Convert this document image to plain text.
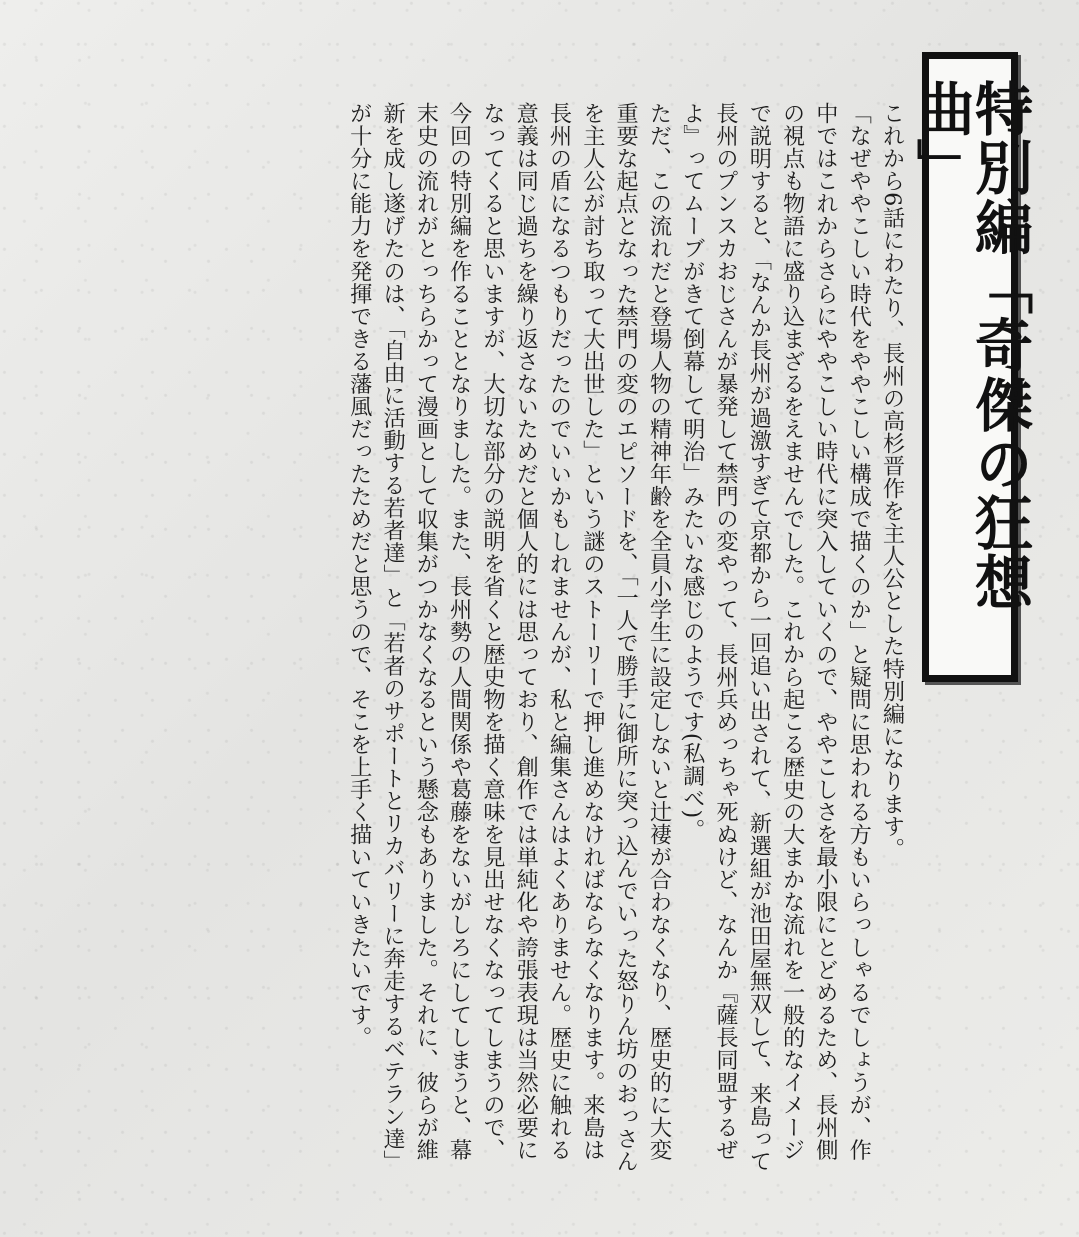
特別編「奇傑の狂想曲」

これから6話にわたり、長州の高杉晋作を主人公とした特別編になります。

「なぜややこしい時代をややこしい構成で描くのか」と疑問に思われる方もいらっしゃるでしょうが、作中ではこれからさらにややこしい時代に突入していくので、ややこしさを最小限にとどめるため、長州側の視点も物語に盛り込まざるをえませんでした。これから起こる歴史の大まかな流れを一般的なイメージで説明すると、「なんか長州が過激すぎて京都から一回追い出されて、新選組が池田屋無双して、来島って長州のプンスカおじさんが暴発して禁門の変やって、長州兵めっちゃ死ぬけど、なんか『薩長同盟するぜよ』ってムーブがきて倒幕して明治」みたいな感じのようです(私調べ)。

ただ、この流れだと登場人物の精神年齢を全員小学生に設定しないと辻褄が合わなくなり、歴史的に大変重要な起点となった禁門の変のエピソードを、「一人で勝手に御所に突っ込んでいった怒りん坊のおっさんを主人公が討ち取って大出世した」という謎のストーリーで押し進めなければならなくなります。来島は長州の盾になるつもりだったのでいいかもしれませんが、私と編集さんはよくありません。歴史に触れる意義は同じ過ちを繰り返さないためだと個人的には思っており、創作では単純化や誇張表現は当然必要になってくると思いますが、大切な部分の説明を省くと歴史物を描く意味を見出せなくなってしまうので、今回の特別編を作ることとなりました。また、長州勢の人間関係や葛藤をないがしろにしてしまうと、幕末史の流れがとっちらかって漫画として収集がつかなくなるという懸念もありました。それに、彼らが維新を成し遂げたのは、「自由に活動する若者達」と「若者のサポートとリカバリーに奔走するベテラン達」が十分に能力を発揮できる藩風だったためだと思うので、そこを上手く描いていきたいです。
